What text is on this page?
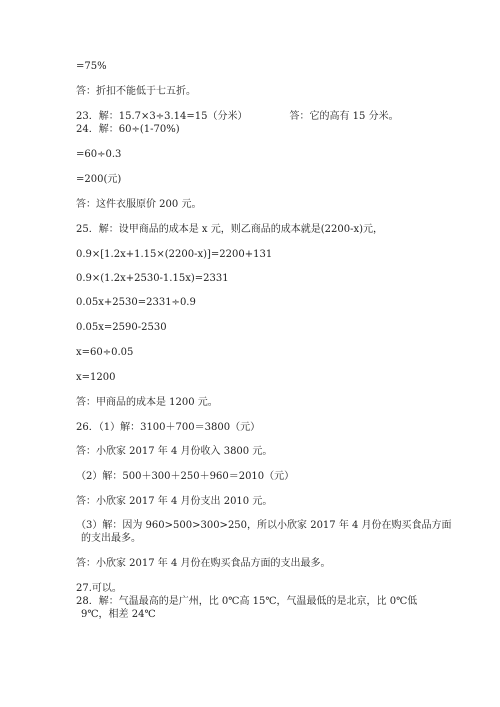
=75%
答：折扣不能低于七五折。
23．解：15.7×3÷3.14=15（分米）	答：它的高有 15 分米。
24．解：60÷(1-70%)
=60÷0.3
=200(元)
答：这件衣服原价 200 元。
25．解：设甲商品的成本是 x 元，则乙商品的成本就是(2200-x)元，
0.9×[1.2x+1.15×(2200-x)]=2200+131
0.9×(1.2x+2530-1.15x)=2331
0.05x+2530=2331÷0.9
0.05x=2590-2530
x=60÷0.05
x=1200
答：甲商品的成本是 1200 元。
26．（1）解：3100＋700＝3800（元）
答：小欣家 2017 年 4 月份收入 3800 元。
（2）解：500＋300＋250＋960＝2010（元）
答：小欣家 2017 年 4 月份支出 2010 元。
（3）解：因为 960>500>300>250，所以小欣家 2017 年 4 月份在购买食品方面
的支出最多。
答：小欣家 2017 年 4 月份在购买食品方面的支出最多。
27.可以。
28．解：气温最高的是广州，比 0℃高 15℃，气温最低的是北京，比 0℃低
9℃，相差 24℃
